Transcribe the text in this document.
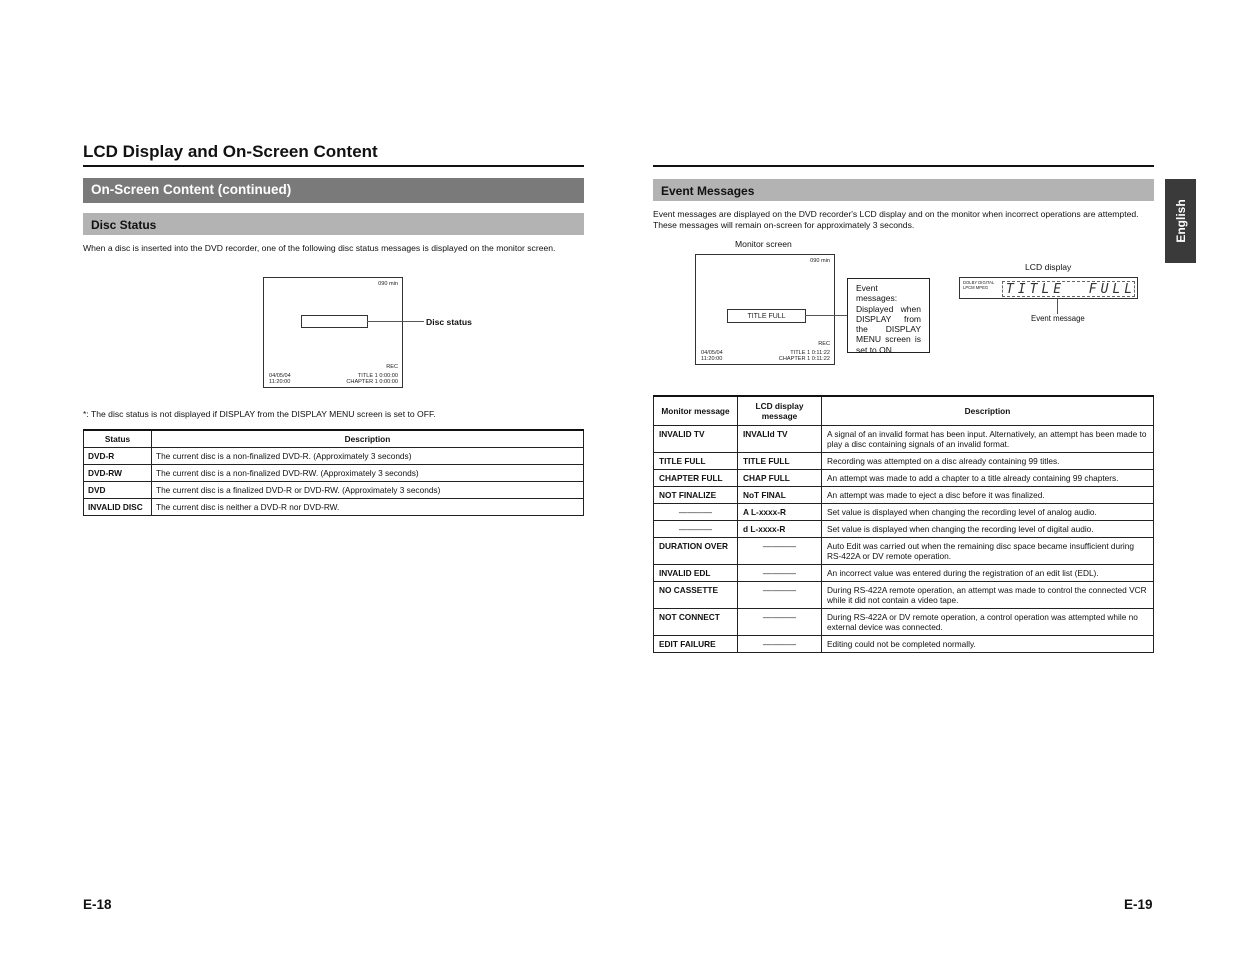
LCD Display and On-Screen Content
On-Screen Content (continued)
Disc Status
When a disc is inserted into the DVD recorder, one of the following disc status messages is displayed on the monitor screen.
090 min
REC
04/05/04
11:20:00
TITLE 1 0:00:00
CHAPTER 1 0:00:00
Disc status
*: The disc status is not displayed if DISPLAY from the DISPLAY MENU screen is set to OFF.
Status	Description
DVD-R	The current disc is a non-finalized DVD-R. (Approximately 3 seconds)
DVD-RW	The current disc is a non-finalized DVD-RW. (Approximately 3 seconds)
DVD	The current disc is a finalized DVD-R or DVD-RW. (Approximately 3 seconds)
INVALID DISC	The current disc is neither a DVD-R nor DVD-RW.
E-18
Event Messages
Event messages are displayed on the DVD recorder's LCD display and on the monitor when incorrect operations are attempted.
These messages will remain on-screen for approximately 3 seconds.	English
Monitor screen
090 min
TITLE FULL
REC
04/05/04
11:20:00
TITLE 1 0:11:22
CHAPTER 1 0:11:22
Event messages: Displayed when DISPLAY from the DISPLAY MENU screen is set to ON.
LCD display
DOLBY DIGITAL
LPCM MPEG	TITLE  FULL
Event message
Monitor message	LCD display message	Description
INVALID TV	INVALId TV	A signal of an invalid format has been input. Alternatively, an attempt has been made to play a disc containing signals of an invalid format.
TITLE FULL	TITLE FULL	Recording was attempted on a disc already containing 99 titles.
CHAPTER FULL	CHAP FULL	An attempt was made to add a chapter to a title already containing 99 chapters.
NOT FINALIZE	NoT FINAL	An attempt was made to eject a disc before it was finalized.
————	A L-xxxx-R	Set value is displayed when changing the recording level of analog audio.
————	d L-xxxx-R	Set value is displayed when changing the recording level of digital audio.
DURATION OVER	————	Auto Edit was carried out when the remaining disc space became insufficient during RS-422A or DV remote operation.
INVALID EDL	————	An incorrect value was entered during the registration of an edit list (EDL).
NO CASSETTE	————	During RS-422A remote operation, an attempt was made to control the connected VCR while it did not contain a video tape.
NOT CONNECT	————	During RS-422A or DV remote operation, a control operation was attempted while no external device was connected.
EDIT FAILURE	————	Editing could not be completed normally.
E-19
